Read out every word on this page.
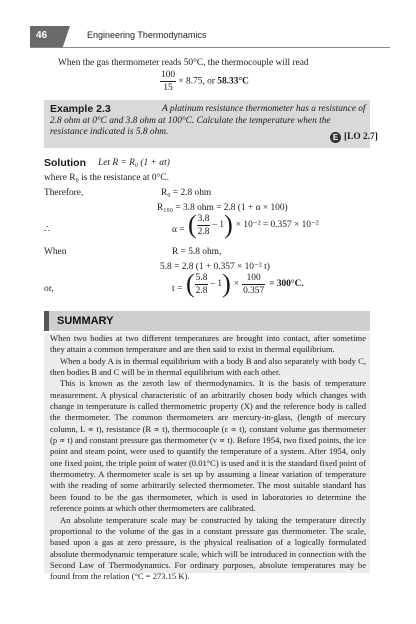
46	Engineering Thermodynamics
When the gas thermometer reads 50°C, the thermocouple will read
$\frac{100}{15} \times 8.75$, or 58.33°C
Example 2.3	A platinum resistance thermometer has a resistance of 2.8 ohm at 0°C and 3.8 ohm at 100°C. Calculate the temperature when the resistance indicated is 5.8 ohm.
E [LO 2.7]
Solution Let R = R₀ (1 + αt)
where R₀ is the resistance at 0°C.
Therefore,	R₀ = 2.8 ohm
R₁₀₀ = 3.8 ohm = 2.8 (1 + α × 100)
∴	α = ( $\frac{3.8}{2.8} - 1$ ) × 10⁻² = 0.357 × 10⁻²
When	R = 5.8 ohm,
5.8 = 2.8 (1 + 0.357 × 10⁻² t)
or,	t = ( $\frac{5.8}{2.8} - 1$ ) × $\frac{100}{0.357} = 300^\circ C$.
SUMMARY

When two bodies at two different temperatures are brought into contact, after sometime they attain a common temperature and are then said to exist in thermal equilibrium.

When a body A is in thermal equilibrium with a body B and also separately with body C, then bodies B and C will be in thermal equilibrium with each other.

This is known as the zeroth law of thermodynamics. It is the basis of temperature measurement. A physical characteristic of an arbitrarily chosen body which changes with change in temperature is called thermometric property (X) and the reference body is called the thermometer. The common thermometers are mercury-in-glass, (length of mercury column, L ∝ t), resistance (R ∝ t), thermocouple (ε ∝ t), constant volume gas thermometer (p ∝ t) and constant pressure gas thermometer (v ∝ t). Before 1954, two fixed points, the ice point and steam point, were used to quantify the temperature of a system. After 1954, only one fixed point, the triple point of water (0.01°C) is used and it is the standard fixed point of thermometry. A thermometer scale is set up by assuming a linear variation of temperature with the reading of some arbitrarily selected thermometer. The most suitable standard has been found to be the gas thermometer, which is used in laboratories to determine the reference points at which other thermometers are calibrated.

An absolute temperature scale may be constructed by taking the temperature directly proportional to the volume of the gas in a constant pressure gas thermometer. The scale, based upon a gas at zero pressure, is the physical realisation of a logically formulated absolute thermodynamic temperature scale, which will be introduced in connection with the Second Law of Thermodynamics. For ordinary purposes, absolute temperatures may be found from the relation (°C = 273.15 K).
